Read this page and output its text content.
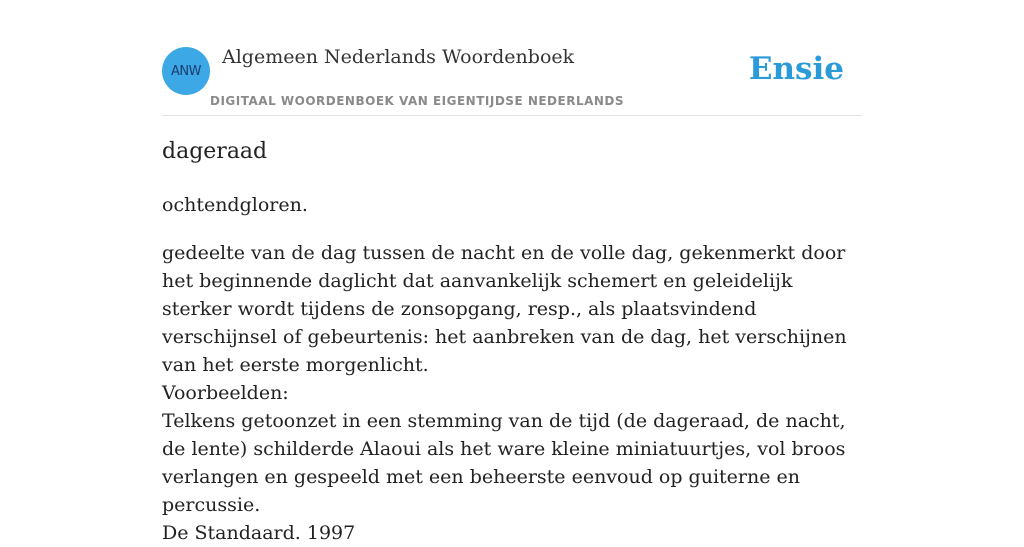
ANW
Algemeen Nederlands Woordenboek
DIGITAAL WOORDENBOEK VAN EIGENTIJDSE NEDERLANDS
Ensie
dageraad
ochtendgloren.

gedeelte van de dag tussen de nacht en de volle dag, gekenmerkt door het beginnende daglicht dat aanvankelijk schemert en geleidelijk sterker wordt tijdens de zonsopgang, resp., als plaatsvindend verschijnsel of gebeurtenis: het aanbreken van de dag, het verschijnen van het eerste morgenlicht.

Voorbeelden:
Telkens getoonzet in een stemming van de tijd (de dageraad, de nacht, de lente) schilderde Alaoui als het ware kleine miniatuurtjes, vol broos verlangen en gespeeld met een beheerste eenvoud op guiterne en percussie.
De Standaard. 1997
